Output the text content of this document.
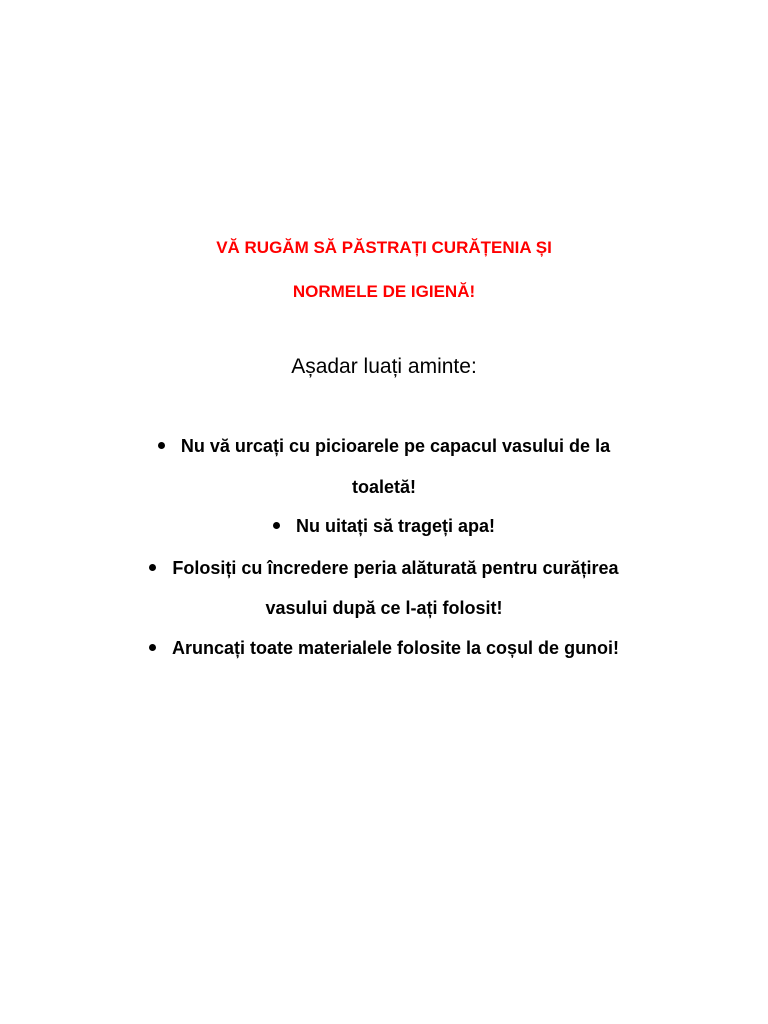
VĂ RUGĂM SĂ PĂSTRAȚI CURĂȚENIA ȘI
NORMELE DE IGIENĂ!
Așadar luați aminte:
Nu vă urcați cu picioarele pe capacul vasului de la
toaletă!
Nu uitați să trageți apa!
Folosiți cu încredere peria alăturată pentru curățirea
vasului după ce l-ați folosit!
Aruncați toate materialele folosite la coșul de gunoi!
